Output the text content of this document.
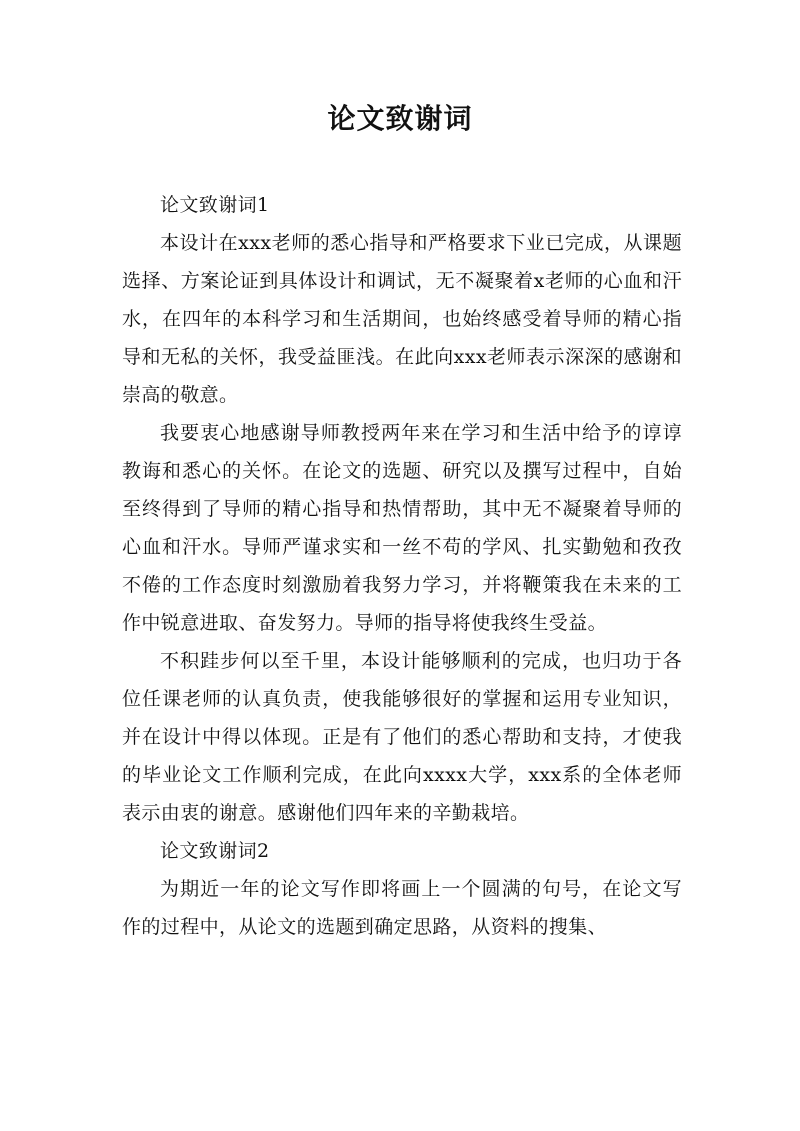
论文致谢词

论文致谢词1

本设计在xxx老师的悉心指导和严格要求下业已完成，从课题选择、方案论证到具体设计和调试，无不凝聚着x老师的心血和汗水，在四年的本科学习和生活期间，也始终感受着导师的精心指导和无私的关怀，我受益匪浅。在此向xxx老师表示深深的感谢和崇高的敬意。

我要衷心地感谢导师教授两年来在学习和生活中给予的谆谆教诲和悉心的关怀。在论文的选题、研究以及撰写过程中，自始至终得到了导师的精心指导和热情帮助，其中无不凝聚着导师的心血和汗水。导师严谨求实和一丝不苟的学风、扎实勤勉和孜孜不倦的工作态度时刻激励着我努力学习，并将鞭策我在未来的工作中锐意进取、奋发努力。导师的指导将使我终生受益。

不积跬步何以至千里，本设计能够顺利的完成，也归功于各位任课老师的认真负责，使我能够很好的掌握和运用专业知识，并在设计中得以体现。正是有了他们的悉心帮助和支持，才使我的毕业论文工作顺利完成，在此向xxxx大学，xxx系的全体老师表示由衷的谢意。感谢他们四年来的辛勤栽培。

论文致谢词2

为期近一年的论文写作即将画上一个圆满的句号，在论文写作的过程中，从论文的选题到确定思路，从资料的搜集、
